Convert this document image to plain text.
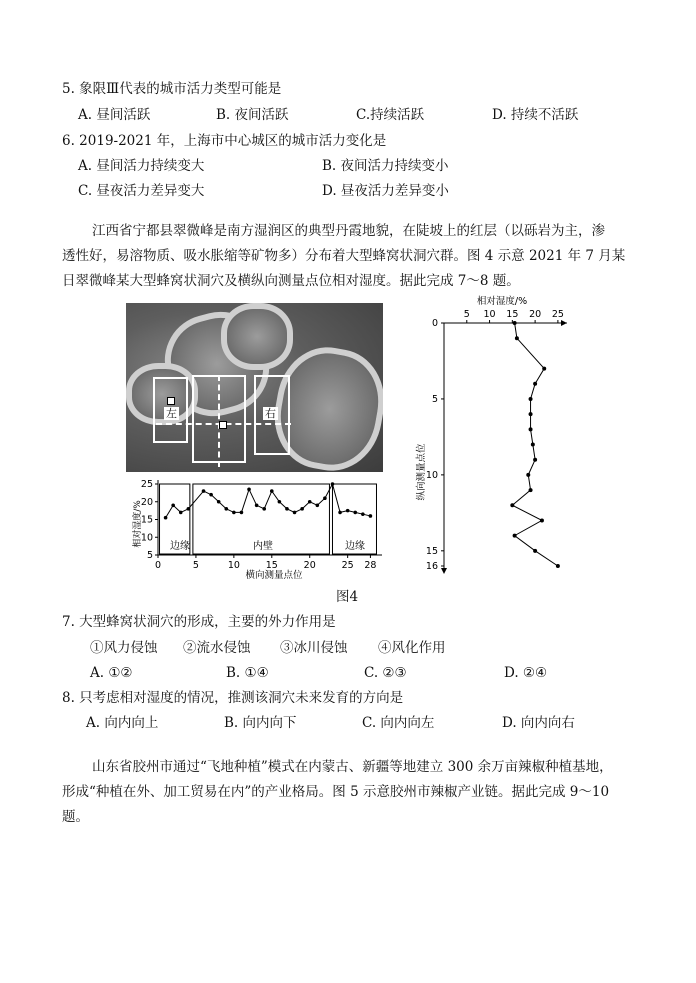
5. 象限Ⅲ代表的城市活力类型可能是
A. 昼间活跃	B. 夜间活跃	C.持续活跃	D. 持续不活跃
6. 2019-2021 年，上海市中心城区的城市活力变化是
A. 昼间活力持续变大	B. 夜间活力持续变小
C. 昼夜活力差异变大	D. 昼夜活力差异变小
江西省宁都县翠微峰是南方湿润区的典型丹霞地貌，在陡坡上的红层（以砾岩为主，渗
透性好，易溶物质、吸水胀缩等矿物多）分布着大型蜂窝状洞穴群。图 4 示意 2021 年 7 月某
日翠微峰某大型蜂窝状洞穴及横纵向测量点位相对湿度。据此完成 7～8 题。
左	右
相对湿度/%
横向测量点位
边缘	内壁	边缘
25
20
15
10
5
0	5	10	15	20	25 28
相对湿度/%
纵向测量点位
5 10 15 20 25
0
5
10
15
16
图4
7. 大型蜂窝状洞穴的形成，主要的外力作用是
①风力侵蚀 ②流水侵蚀 ③冰川侵蚀 ④风化作用
A. ①②	B. ①④	C. ②③	D. ②④
8. 只考虑相对湿度的情况，推测该洞穴未来发育的方向是
A. 向内向上	B. 向内向下	C. 向内向左	D. 向内向右
山东省胶州市通过“飞地种植”模式在内蒙古、新疆等地建立 300 余万亩辣椒种植基地，
形成“种植在外、加工贸易在内”的产业格局。图 5 示意胶州市辣椒产业链。据此完成 9～10
题。
